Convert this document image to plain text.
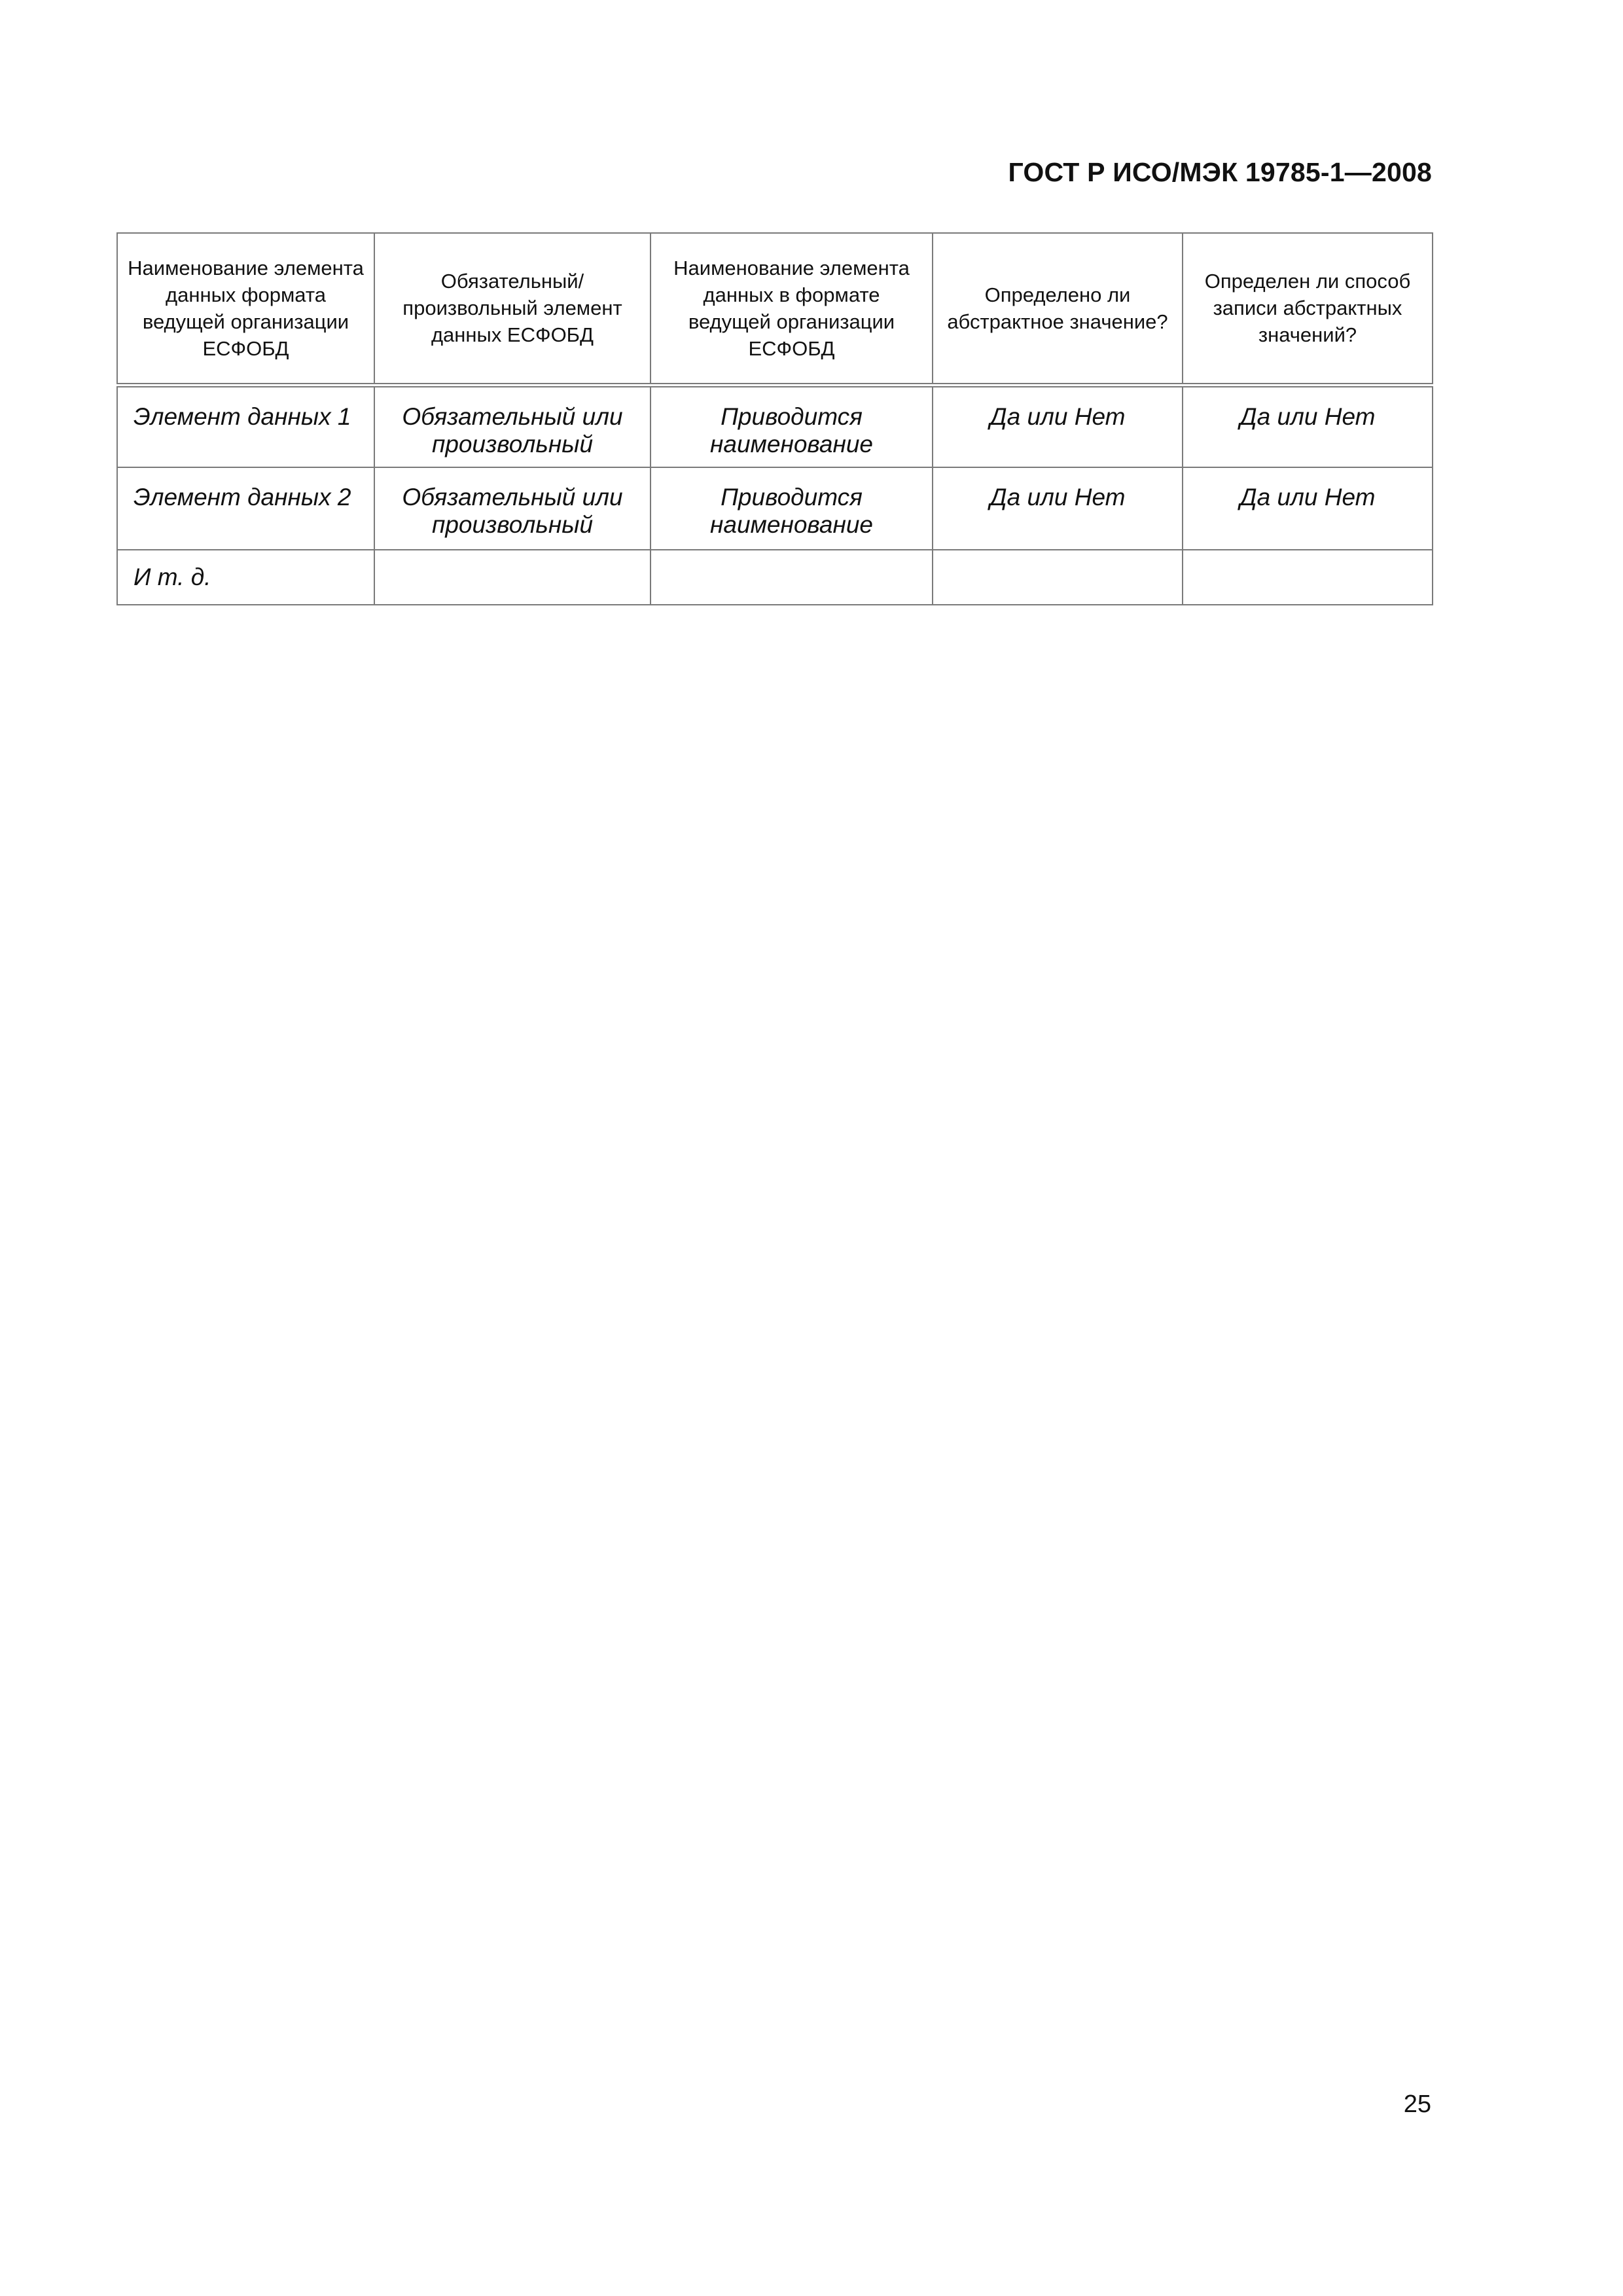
ГОСТ Р ИСО/МЭК 19785-1—2008
Наименование элемента данных формата ведущей организации ЕСФОБД	Обязательный/ произвольный элемент данных ЕСФОБД	Наименование элемента данных в формате ведущей организации ЕСФОБД	Определено ли абстрактное значение?	Определен ли способ записи абстрактных значений?
Элемент данных 1	Обязательный или произвольный	Приводится наименование	Да или Нет	Да или Нет
Элемент данных 2	Обязательный или произвольный	Приводится наименование	Да или Нет	Да или Нет
И т. д.				
25
